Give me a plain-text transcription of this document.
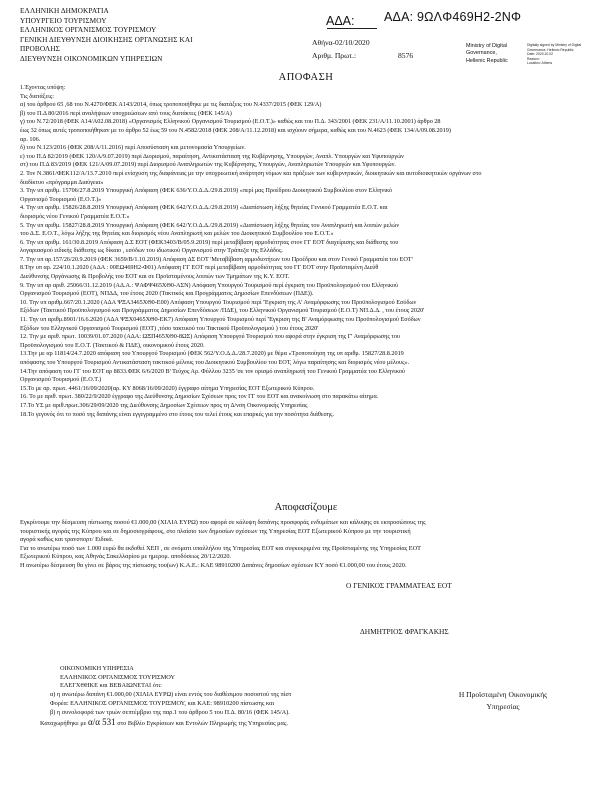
ΕΛΛΗΝΙΚΗ ΔΗΜΟΚΡΑΤΙΑ
ΥΠΟΥΡΓΕΙΟ ΤΟΥΡΙΣΜΟΥ
ΕΛΛΗΝΙΚΟΣ ΟΡΓΑΝΙΣΜΟΣ ΤΟΥΡΙΣΜΟΥ
ΓΕΝΙΚΗ ΔΙΕΥΘΥΝΣΗ ΔΙΟΙΚΗΣΗΣ ΟΡΓΑΝΩΣΗΣ ΚΑΙ
ΠΡΟΒΟΛΗΣ
ΔΙΕΥΘΥΝΣΗ ΟΙΚΟΝΟΜΙΚΩΝ ΥΠΗΡΕΣΙΩΝ
ΑΔΑ: ΑΔΑ: 9ΩΛΦ469Η2-2ΝΦ
Αθήνα-02/10/2020
Αριθμ. Πρωτ.:	8576
Ministry of Digital
Governance,
Hellenic Republic
Digitally signed by Ministry of Digital
Governance, Hellenic Republic
Date: 2020.10.02
Reason:
Location: Athens
ΑΠΟΦΑΣΗ

1.Έχοντας υπόψη:

Τις διατάξεις:

α) του άρθρου 65 ,68 του Ν.4270/ΦΕΚ Α143/2014, όπως τροποποιήθηκε με τις διατάξεις του Ν.4337/2015 (ΦΕΚ 129/Α)

β) του Π.Δ 80/2016 περί αναλήψεων υποχρεώσεων από τους διατάκτες (ΦΕΚ 145/Α)

γ) του Ν.72/2018 (ΦΕΚ Α14/Α02.08.2018) «Οργανισμός Ελληνικού Οργανισμού Τουρισμού (Ε.Ο.Τ.)» καθώς και του Π.Δ. 343/2001 (ΦΕΚ 231/Α/11.10.2001) άρθρο 28

έως 32 όπως αυτές τροποποιήθηκαν με το άρθρο 52 έως 59 του Ν.4582/2018 (ΦΕΚ 208/Α/11.12.2018) και ισχύουν σήμερα, καθώς και του Ν.4623 (ΦΕΚ 134/Α/09.08.2019)

αρ. 106.

δ) του Ν.123/2016 (ΦΕΚ 208/Α/11.2016) περί Αποσύσταση και μετονομασία Υπουργείων.

ε) του Π.Δ 82/2019 (ΦΕΚ 120/Α/9.07.2019) περί Διορισμού, παραίτηση, Αντικατάσταση της Κυβέρνησης, Υπουργών, Αναπλ. Υπουργών και Υφυπουργών

στ) του Π.Δ 83/2019 (ΦΕΚ 121/Α/09.07.2019) περί Διορισμού Αναπληρωτών της Κυβέρνησης, Υπουργών, Αναπληρωτών Υπουργών και Υφυπουργών.

2. Τον Ν.3861/ΦΕΚ112/Α/13.7.2010 περί ενίσχυση της διαφάνειας με την υποχρεωτική ανάρτηση νόμων και πράξεων των κυβερνητικών, διοικητικών και αυτοδιοικητικών οργάνων στο

διαδίκτυο «πρόγραμμα Διαύγεια»

3. Την υπ αριθμ. 15706/27.8.2019 Υπουργική Απόφαση (ΦΕΚ 636/Υ.Ο.Δ.Δ./29.8.2019) «περί μας Προέδρου Διοικητικού Συμβουλίου στον Ελληνικό

Οργανισμό Τουρισμού (Ε.Ο.Τ.)»

4. Την υπ αριθμ. 15826/28.8.2019 Υπουργική Απόφαση (ΦΕΚ 642/Υ.Ο.Δ.Δ./29.8.2019) «Διαπίστωση λήξης θητείας Γενικού Γραμματέα Ε.Ο.Τ. και

διορισμός νέου Γενικού Γραμματέα Ε.Ο.Τ.»

5. Την υπ αριθμ. 15827/28.8.2019 Υπουργική Απόφαση (ΦΕΚ 642/Υ.Ο.Δ.Δ./29.8.2019) «Διαπίστωση λήξης θητείας του Αναπληρωτή και λοιπών μελών

του Δ.Σ. Ε.Ο.Τ., λόγω λήξης της θητείας και διορισμός νέου Αναπληρωτή και μελών του Διοικητικού Συμβουλίου του Ε.Ο.Τ.»

6. Την υπ αριθμ. 161/30.8.2019 Απόφαση Δ.Σ ΕΟΤ (ΦΕΚ3403/Β/05.9.2019) περί μεταβίβαση αρμοδιότητας στον ΓΓ ΕΟΤ διαχείρισης και διάθεσης του

λογαριασμού ειδικής διάθεσης ως δίκαιο , εσόδων του ιδιωτικού Οργανισμού στην Τράπεζα της Ελλάδος.

7. Την υπ αρ.157/26/20.9.2019 (ΦΕΚ 3659/Β/1.10.2019) Απόφαση ΔΣ ΕΟΤ 'Μεταβίβαση αρμοδιοτήτων του Προέδρου και στον Γενικό Γραμματέα του ΕΟΤ'

8.Την υπ αρ. 224/10.1.2020 (ΑΔΑ : 00ΕΩ469Η2-Φ01) Απόφαση ΓΓ ΕΟΤ περί μεταβίβαση αρμοδιότητας του ΓΓ ΕΟΤ στην Προϊσταμένη Διεύθ

Διεύθυνσης Οργάνωσης & Προβολής του ΕΟΤ και σε Προϊσταμένους λοιπών των Τμημάτων της Κ.Υ. ΕΟΤ.

9. Την υπ αρ αριθ. 25066/31.12.2019 (ΑΔ.Α.: ΨΑΦΨ465ΧΘ0-ΑΣΝ) Απόφαση Υπουργού Τουρισμού περί έγκριση του Προϋπολογισμού του Ελληνικού

Οργανισμού Τουρισμού (ΕΟΤ), ΝΠΔΔ, του έτους 2020 (Τακτικός και Προγράμματος Δημοσίων Επενδύσεων (ΠΔΕ)).

10. Την υπ αριθμ.667/20.1.2020 (ΑΔΑ ΨΞΑ3465ΧΘ0-Ε00) Απόφαση Υπουργού Τουρισμού περί 'Έγκριση της Α' Αναμόρφωσης του Προϋπολογισμού Εσόδων

Εξόδων (Τακτικού Προϋπολογισμού και Προγράμματος Δημοσίων Επενδύσεων /ΠΔΕ), του Ελληνικού Οργανισμού Τουρισμού (Ε.Ο.Τ) ΝΠ.Δ.Δ. , του έτους 2020'

11. Την υπ αριθμ.8901/16.6.2020 (ΑΔΑ ΨΞΧ0465ΧΘ0-ΕΚ7) Απόφαση Υπουργού Τουρισμού περί 'Έγκριση της Β' Αναμόρφωσης του Προϋπολογισμού Εσόδων

Εξόδων του Ελληνικού Οργανισμού Τουρισμού (ΕΟΤ) ,τόσο τακτικού του Τακτικού Προϋπολογισμού ) του έτους 2020'

12. Την με αριθ. πρωτ. 10039/01.07.2020 (ΑΔΑ: ΩΞΠ465ΧΘ0-8ΩΣ) Απόφαση Υπουργού Τουρισμού που αφορά στην έγκριση της Γ' Αναμόρφωσης του

Προϋπολογισμού του Ε.Ο.Τ. (Τακτικού & ΠΔΕ), οικονομικού έτους 2020.

13.Την με αρ 11814/24.7.2020 απόφαση του Υπουργού Τουρισμού (ΦΕΚ 562/Υ.Ο.Δ.Δ./28.7.2020) με θέμα «Τροποποίηση της υπ αριθμ. 15827/28.8.2019

απόφασης του Υπουργού Τουρισμού Αντικατάσταση τακτικού μέλους του Διοικητικού Συμβουλίου του ΕΟΤ, λόγω παραίτησης και διορισμός νέου μέλους».

14.Την απόφαση του ΓΓ του ΕΟΤ αρ 8833.ΦΕΚ 6/6/2020 Β' Τεύχος Αρ. Φύλλου 3235 'σε τον ορισμό αναπληρωτή του Γενικού Γραμματέα του Ελληνικού

Οργανισμού Τουρισμού (Ε.Ο.Τ.)

15.Το με αρ. πρωτ. 4461/16/09/2020(αρ. ΚΥ 8068/16/09/2020) έγγραφο αίτημα Υπηρεσίας ΕΟΤ Εξωτερικού Κύπρου.

16. Το με αριθ. πρωτ. 380/22/9/2020 έγγραφο της Διεύθυνσης Δημοσίων Σχέσεων προς τον ΓΓ του ΕΟΤ και ανακοίνωση στο παρακάτω αίτημα.

17.Το ΥΣ με αριθ.πρωτ.306/29/09/2020 της Διεύθυνσης Δημοσίων Σχέσεων προς τη Δ/νση Οικονομικής Υπηρεσίας

18.Το γεγονός ότι το ποσό της δαπάνης είναι εγγεγραμμένο στο έτους του τελεί έτους και επαρκές για την ποσότητα διάθεσης.

Αποφασίζουμε

Εγκρίνουμε την δέσμευση πίστωσης ποσού €1.000,00 (ΧΙΛΙΑ ΕΥΡΩ) που αφορά σε κάλυψη δαπάνης προσφοράς ενδυμάτων και κάλυψης σε εκπροσώπους της

τουριστικής αγοράς της Κύπρου και σε δημοσιογράφους, στο πλαίσιο των δημοσίων σχέσεων της Υπηρεσίας ΕΟΤ Εξωτερικού Κύπρου με την τουριστική

αγορά καθώς και τρανσπορτ/ Ειδικά.

Για το ανωτέρω ποσό των 1.000 ευρώ θα εκδοθεί ΧΕΠ , σε ονόματι υπαλλήλου της Υπηρεσίας ΕΟΤ και συγκεκριμένα της Προϊσταμένης της Υπηρεσίας ΕΟΤ

Εξωτερικού Κύπρου, κας Αθηνάς Σακελλαρίου με ημερομ. αποδόσεως 20/12/2020.

Η ανωτέρω δέσμευση θα γίνει σε βάρος της πίστωσης του(ων) Κ.Α.Ε.: ΚΑΕ 98910200 Δαπάνες δημοσίων σχέσεων ΚΥ ποσό €1.000,00 του έτους 2020.

Ο ΓΕΝΙΚΟΣ ΓΡΑΜΜΑΤΕΑΣ ΕΟΤ
ΔΗΜΗΤΡΙΟΣ ΦΡΑΓΚΑΚΗΣ

ΟΙΚΟΝΟΜΙΚΗ ΥΠΗΡΕΣΙΑ

ΕΛΛΗΝΙΚΟΣ ΟΡΓΑΝΙΣΜΟΣ ΤΟΥΡΙΣΜΟΥ

ΕΛΕΓΧΘΗΚΕ και ΒΕΒΑΙΩΝΕΤΑΙ ότι:

α) η ανωτέρω δαπάνη €1.000,00 (ΧΙΛΙΑ ΕΥΡΩ) είναι εντός του διαθέσιμου ποσοστού της πίστ

Φορέα: ΕΛΛΗΝΙΚΟΣ ΟΡΓΑΝΙΣΜΟΣ ΤΟΥΡΙΣΜΟΥ, και ΚΑΕ: 98910200 πίστωσης και

β) η συνολοφορά των τριών σεπτέμβριο της παρ.1 του άρθρου 5 του Π.Δ. 80/16 (ΦΕΚ 145/Α).

Καταχωρήθηκε με α/α 531 στο Βιβλίο Εγκρίσεων και Εντολών Πληρωμής της Υπηρεσίας μας.

Η Προϊσταμένη Οικονομικής
Υπηρεσίας
